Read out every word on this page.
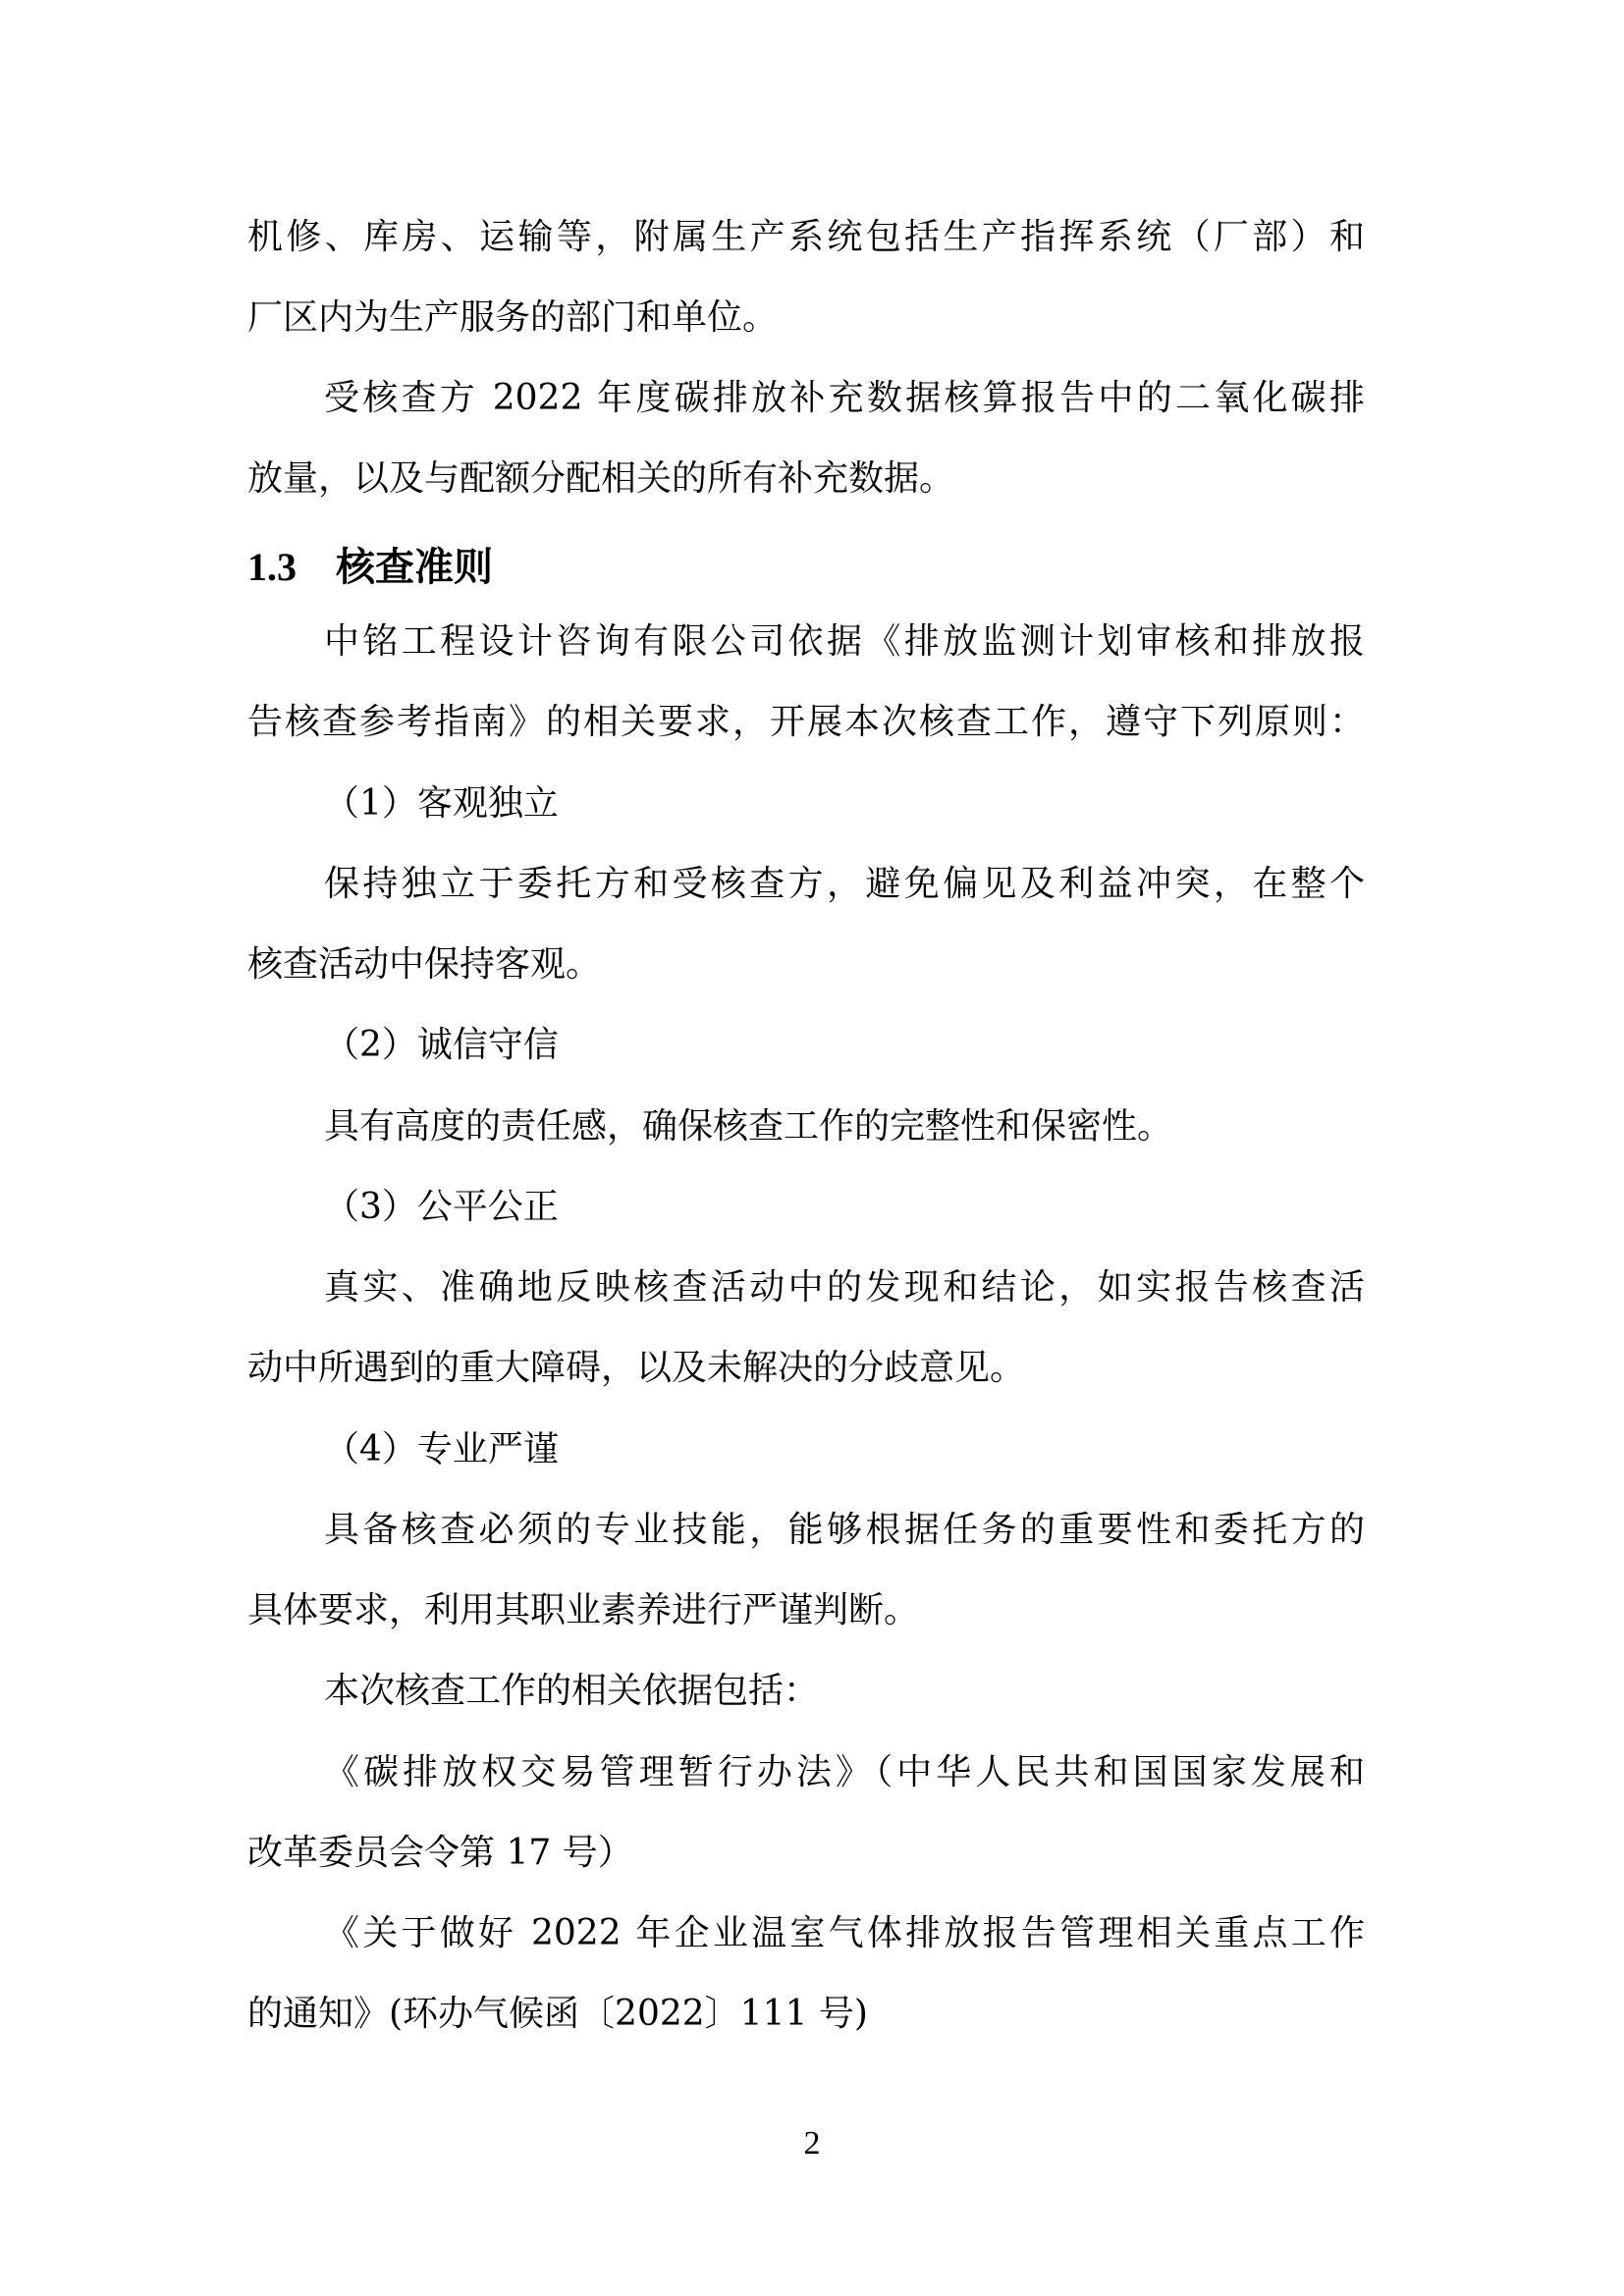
机修、库房、运输等，附属生产系统包括生产指挥系统（厂部）和
厂区内为生产服务的部门和单位。
受核查方 2022 年度碳排放补充数据核算报告中的二氧化碳排
放量，以及与配额分配相关的所有补充数据。
1.3 核查准则
中铭工程设计咨询有限公司依据《排放监测计划审核和排放报
告核查参考指南》的相关要求，开展本次核查工作，遵守下列原则：
（1）客观独立
保持独立于委托方和受核查方，避免偏见及利益冲突，在整个
核查活动中保持客观。
（2）诚信守信
具有高度的责任感，确保核查工作的完整性和保密性。
（3）公平公正
真实、准确地反映核查活动中的发现和结论，如实报告核查活
动中所遇到的重大障碍，以及未解决的分歧意见。
（4）专业严谨
具备核查必须的专业技能，能够根据任务的重要性和委托方的
具体要求，利用其职业素养进行严谨判断。
本次核查工作的相关依据包括：
《碳排放权交易管理暂行办法》（中华人民共和国国家发展和
改革委员会令第 17 号）
《关于做好 2022 年企业温室气体排放报告管理相关重点工作
的通知》(环办气候函〔2022〕111 号)
2
